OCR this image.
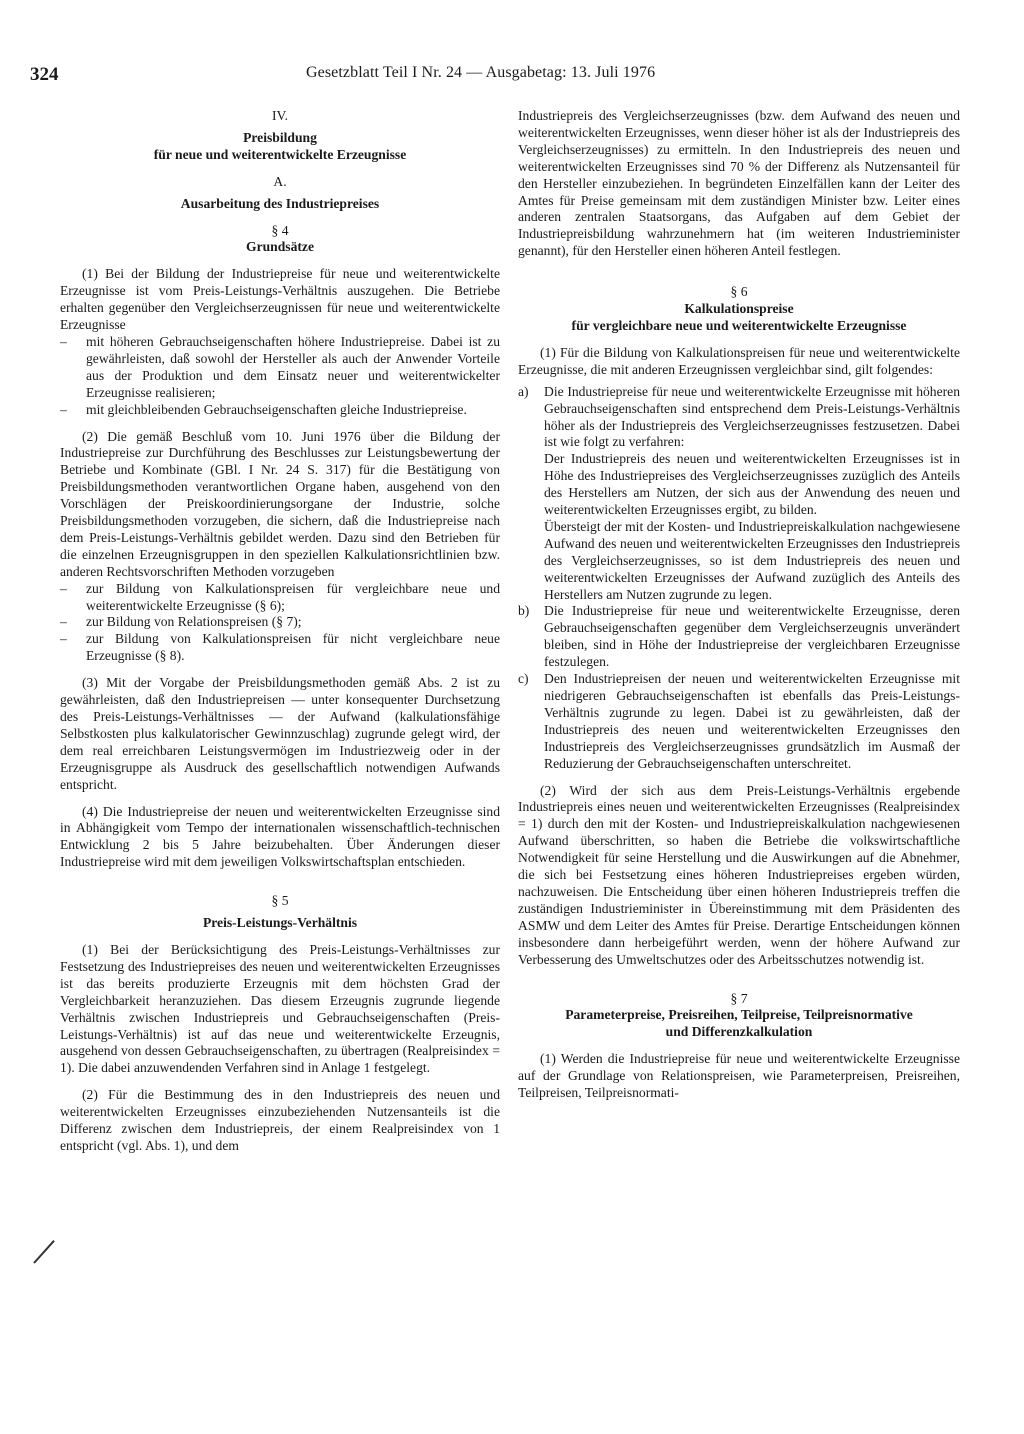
324	Gesetzblatt Teil I Nr. 24 — Ausgabetag: 13. Juli 1976

IV.

Preisbildung

für neue und weiterentwickelte Erzeugnisse

A.

Ausarbeitung des Industriepreises

§ 4

Grundsätze

(1) Bei der Bildung der Industriepreise für neue und weiterentwickelte Erzeugnisse ist vom Preis-Leistungs-Verhältnis auszugehen. Die Betriebe erhalten gegenüber den Vergleichserzeugnissen für neue und weiterentwickelte Erzeugnisse

– mit höheren Gebrauchseigenschaften höhere Industriepreise. Dabei ist zu gewährleisten, daß sowohl der Hersteller als auch der Anwender Vorteile aus der Produktion und dem Einsatz neuer und weiterentwickelter Erzeugnisse realisieren;
– mit gleichbleibenden Gebrauchseigenschaften gleiche Industriepreise.

(2) Die gemäß Beschluß vom 10. Juni 1976 über die Bildung der Industriepreise zur Durchführung des Beschlusses zur Leistungsbewertung der Betriebe und Kombinate (GBl. I Nr. 24 S. 317) für die Bestätigung von Preisbildungsmethoden verantwortlichen Organe haben, ausgehend von den Vorschlägen der Preiskoordinierungsorgane der Industrie, solche Preisbildungsmethoden vorzugeben, die sichern, daß die Industriepreise nach dem Preis-Leistungs-Verhältnis gebildet werden. Dazu sind den Betrieben für die einzelnen Erzeugnisgruppen in den speziellen Kalkulationsrichtlinien bzw. anderen Rechtsvorschriften Methoden vorzugeben

– zur Bildung von Kalkulationspreisen für vergleichbare neue und weiterentwickelte Erzeugnisse (§ 6);
– zur Bildung von Relationspreisen (§ 7);
– zur Bildung von Kalkulationspreisen für nicht vergleichbare neue Erzeugnisse (§ 8).

(3) Mit der Vorgabe der Preisbildungsmethoden gemäß Abs. 2 ist zu gewährleisten, daß den Industriepreisen — unter konsequenter Durchsetzung des Preis-Leistungs-Verhältnisses — der Aufwand (kalkulationsfähige Selbstkosten plus kalkulatorischer Gewinnzuschlag) zugrunde gelegt wird, der dem real erreichbaren Leistungsvermögen im Industriezweig oder in der Erzeugnisgruppe als Ausdruck des gesellschaftlich notwendigen Aufwands entspricht.

(4) Die Industriepreise der neuen und weiterentwickelten Erzeugnisse sind in Abhängigkeit vom Tempo der internationalen wissenschaftlich-technischen Entwicklung 2 bis 5 Jahre beizubehalten. Über Änderungen dieser Industriepreise wird mit dem jeweiligen Volkswirtschaftsplan entschieden.

§ 5

Preis-Leistungs-Verhältnis

(1) Bei der Berücksichtigung des Preis-Leistungs-Verhältnisses zur Festsetzung des Industriepreises des neuen und weiterentwickelten Erzeugnisses ist das bereits produzierte Erzeugnis mit dem höchsten Grad der Vergleichbarkeit heranzuziehen. Das diesem Erzeugnis zugrunde liegende Verhältnis zwischen Industriepreis und Gebrauchseigenschaften (Preis-Leistungs-Verhältnis) ist auf das neue und weiterentwickelte Erzeugnis, ausgehend von dessen Gebrauchseigenschaften, zu übertragen (Realpreisindex = 1). Die dabei anzuwendenden Verfahren sind in Anlage 1 festgelegt.

(2) Für die Bestimmung des in den Industriepreis des neuen und weiterentwickelten Erzeugnisses einzubeziehenden Nutzensanteils ist die Differenz zwischen dem Industriepreis, der einem Realpreisindex von 1 entspricht (vgl. Abs. 1), und dem

Industriepreis des Vergleichserzeugnisses (bzw. dem Aufwand des neuen und weiterentwickelten Erzeugnisses, wenn dieser höher ist als der Industriepreis des Vergleichserzeugnisses) zu ermitteln. In den Industriepreis des neuen und weiterentwickelten Erzeugnisses sind 70 % der Differenz als Nutzensanteil für den Hersteller einzubeziehen. In begründeten Einzelfällen kann der Leiter des Amtes für Preise gemeinsam mit dem zuständigen Minister bzw. Leiter eines anderen zentralen Staatsorgans, das Aufgaben auf dem Gebiet der Industriepreisbildung wahrzunehmern hat (im weiteren Industrieminister genannt), für den Hersteller einen höheren Anteil festlegen.

§ 6

Kalkulationspreise

für vergleichbare neue und weiterentwickelte Erzeugnisse

(1) Für die Bildung von Kalkulationspreisen für neue und weiterentwickelte Erzeugnisse, die mit anderen Erzeugnissen vergleichbar sind, gilt folgendes:

a) Die Industriepreise für neue und weiterentwickelte Erzeugnisse mit höheren Gebrauchseigenschaften sind entsprechend dem Preis-Leistungs-Verhältnis höher als der Industriepreis des Vergleichserzeugnisses festzusetzen. Dabei ist wie folgt zu verfahren:

Der Industriepreis des neuen und weiterentwickelten Erzeugnisses ist in Höhe des Industriepreises des Vergleichserzeugnisses zuzüglich des Anteils des Herstellers am Nutzen, der sich aus der Anwendung des neuen und weiterentwickelten Erzeugnisses ergibt, zu bilden.

Übersteigt der mit der Kosten- und Industriepreiskalkulation nachgewiesene Aufwand des neuen und weiterentwickelten Erzeugnisses den Industriepreis des Vergleichserzeugnisses, so ist dem Industriepreis des neuen und weiterentwickelten Erzeugnisses der Aufwand zuzüglich des Anteils des Herstellers am Nutzen zugrunde zu legen.

b) Die Industriepreise für neue und weiterentwickelte Erzeugnisse, deren Gebrauchseigenschaften gegenüber dem Vergleichserzeugnis unverändert bleiben, sind in Höhe der Industriepreise der vergleichbaren Erzeugnisse festzulegen.

c) Den Industriepreisen der neuen und weiterentwickelten Erzeugnisse mit niedrigeren Gebrauchseigenschaften ist ebenfalls das Preis-Leistungs-Verhältnis zugrunde zu legen. Dabei ist zu gewährleisten, daß der Industriepreis des neuen und weiterentwickelten Erzeugnisses den Industriepreis des Vergleichserzeugnisses grundsätzlich im Ausmaß der Reduzierung der Gebrauchseigenschaften unterschreitet.

(2) Wird der sich aus dem Preis-Leistungs-Verhältnis ergebende Industriepreis eines neuen und weiterentwickelten Erzeugnisses (Realpreisindex = 1) durch den mit der Kosten- und Industriepreiskalkulation nachgewiesenen Aufwand überschritten, so haben die Betriebe die volkswirtschaftliche Notwendigkeit für seine Herstellung und die Auswirkungen auf die Abnehmer, die sich bei Festsetzung eines höheren Industriepreises ergeben würden, nachzuweisen. Die Entscheidung über einen höheren Industriepreis treffen die zuständigen Industrieminister in Übereinstimmung mit dem Präsidenten des ASMW und dem Leiter des Amtes für Preise. Derartige Entscheidungen können insbesondere dann herbeigeführt werden, wenn der höhere Aufwand zur Verbesserung des Umweltschutzes oder des Arbeitsschutzes notwendig ist.

§ 7

Parameterpreise, Preisreihen, Teilpreise, Teilpreisnormative

und Differenzkalkulation

(1) Werden die Industriepreise für neue und weiterentwickelte Erzeugnisse auf der Grundlage von Relationspreisen, wie Parameterpreisen, Preisreihen, Teilpreisen, Teilpreisnormati-
